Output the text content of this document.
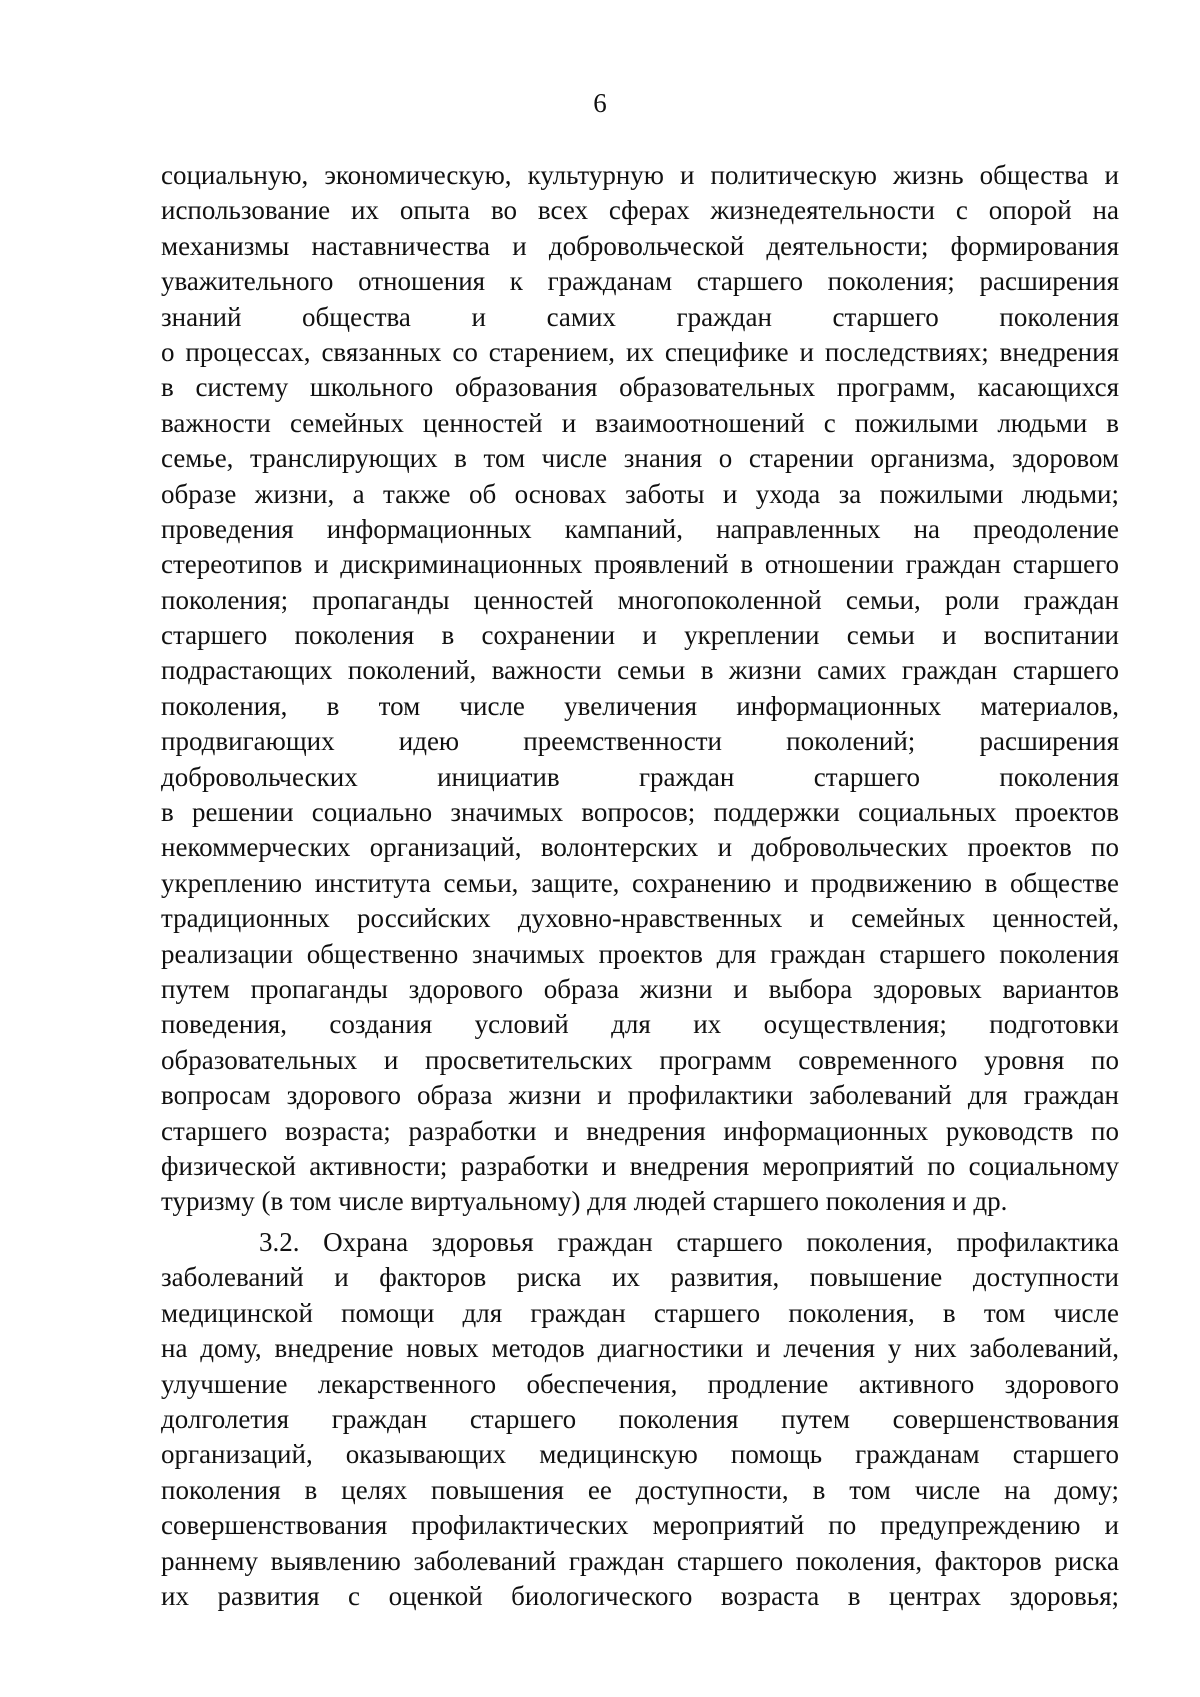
6
социальную, экономическую, культурную и политическую жизнь общества и
использование их опыта во всех сферах жизнедеятельности с опорой на
механизмы наставничества и добровольческой деятельности; формирования
уважительного отношения к гражданам старшего поколения; расширения
знаний общества и самих граждан старшего поколения
о процессах, связанных со старением, их специфике и последствиях; внедрения
в систему школьного образования образовательных программ, касающихся
важности семейных ценностей и взаимоотношений с пожилыми людьми в
семье, транслирующих в том числе знания о старении организма, здоровом
образе жизни, а также об основах заботы и ухода за пожилыми людьми;
проведения информационных кампаний, направленных на преодоление
стереотипов и дискриминационных проявлений в отношении граждан старшего
поколения; пропаганды ценностей многопоколенной семьи, роли граждан
старшего поколения в сохранении и укреплении семьи и воспитании
подрастающих поколений, важности семьи в жизни самих граждан старшего
поколения, в том числе увеличения информационных материалов,
продвигающих идею преемственности поколений; расширения
добровольческих инициатив граждан старшего поколения
в решении социально значимых вопросов; поддержки социальных проектов
некоммерческих организаций, волонтерских и добровольческих проектов по
укреплению института семьи, защите, сохранению и продвижению в обществе
традиционных российских духовно-нравственных и семейных ценностей,
реализации общественно значимых проектов для граждан старшего поколения
путем пропаганды здорового образа жизни и выбора здоровых вариантов
поведения, создания условий для их осуществления; подготовки
образовательных и просветительских программ современного уровня по
вопросам здорового образа жизни и профилактики заболеваний для граждан
старшего возраста; разработки и внедрения информационных руководств по
физической активности; разработки и внедрения мероприятий по социальному
туризму (в том числе виртуальному) для людей старшего поколения и др.
3.2. Охрана здоровья граждан старшего поколения, профилактика
заболеваний и факторов риска их развития, повышение доступности
медицинской помощи для граждан старшего поколения, в том числе
на дому, внедрение новых методов диагностики и лечения у них заболеваний,
улучшение лекарственного обеспечения, продление активного здорового
долголетия граждан старшего поколения путем совершенствования
организаций, оказывающих медицинскую помощь гражданам старшего
поколения в целях повышения ее доступности, в том числе на дому;
совершенствования профилактических мероприятий по предупреждению и
раннему выявлению заболеваний граждан старшего поколения, факторов риска
их развития с оценкой биологического возраста в центрах здоровья;
